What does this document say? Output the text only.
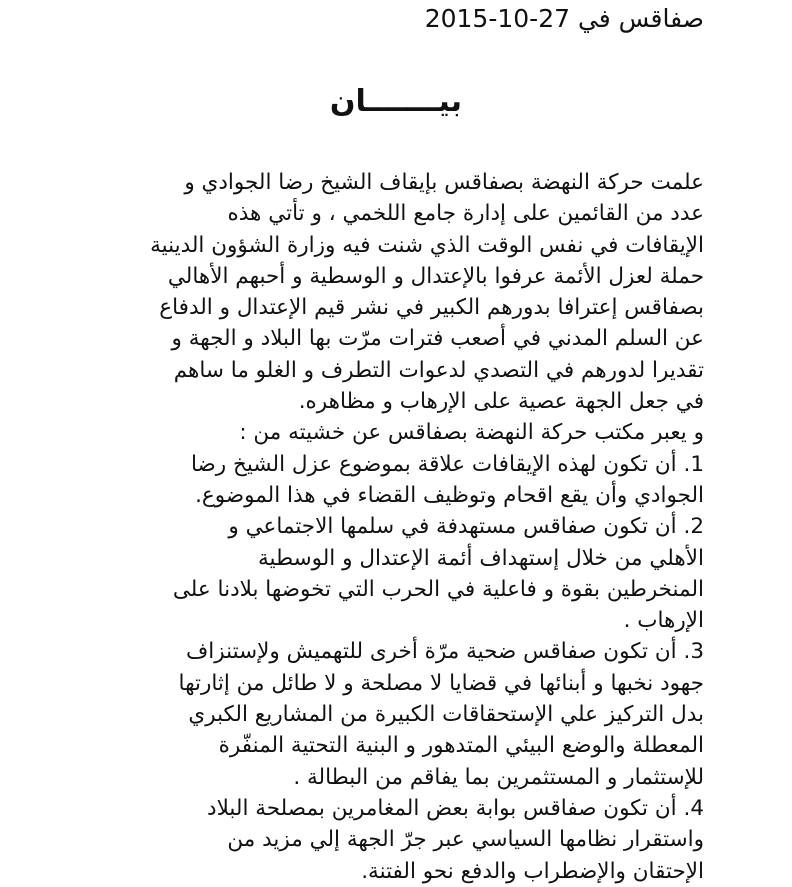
صفاقس في 27-10-2015
بيـــــــان
علمت حركة النهضة بصفاقس بإيقاف الشيخ رضا الجوادي و
عدد من القائمين على إدارة جامع اللخمي ، و تأتي هذه
الإيقافات في نفس الوقت الذي شنت فيه وزارة الشؤون الدينية
حملة لعزل الأئمة عرفوا بالإعتدال و الوسطية و أحبهم الأهالي
بصفاقس إعترافا بدورهم الكبير في نشر قيم الإعتدال و الدفاع
عن السلم المدني في أصعب فترات مرّت بها البلاد و الجهة و
تقديرا لدورهم في التصدي لدعوات التطرف و الغلو ما ساهم
في جعل الجهة عصية على الإرهاب و مظاهره.
و يعبر مكتب حركة النهضة بصفاقس عن خشيته من :
1. أن تكون لهذه الإيقافات علاقة بموضوع عزل الشيخ رضا
الجوادي وأن يقع اقحام وتوظيف القضاء في هذا الموضوع.
2. أن تكون صفاقس مستهدفة في سلمها الاجتماعي و
الأهلي من خلال إستهداف أئمة الإعتدال و الوسطية
المنخرطين بقوة و فاعلية في الحرب التي تخوضها بلادنا على
الإرهاب .
3. أن تكون صفاقس ضحية مرّة أخرى للتهميش ولإستنزاف
جهود نخبها و أبنائها في قضايا لا مصلحة و لا طائل من إثارتها
بدل التركيز علي الإستحقاقات الكبيرة من المشاريع الكبري
المعطلة والوضع البيئي المتدهور و البنية التحتية المنفّرة
للإستثمار و المستثمرين بما يفاقم من البطالة .
4. أن تكون صفاقس بوابة بعض المغامرين بمصلحة البلاد
واستقرار نظامها السياسي عبر جرّ الجهة إلي مزيد من
الإحتقان والإضطراب والدفع نحو الفتنة.
